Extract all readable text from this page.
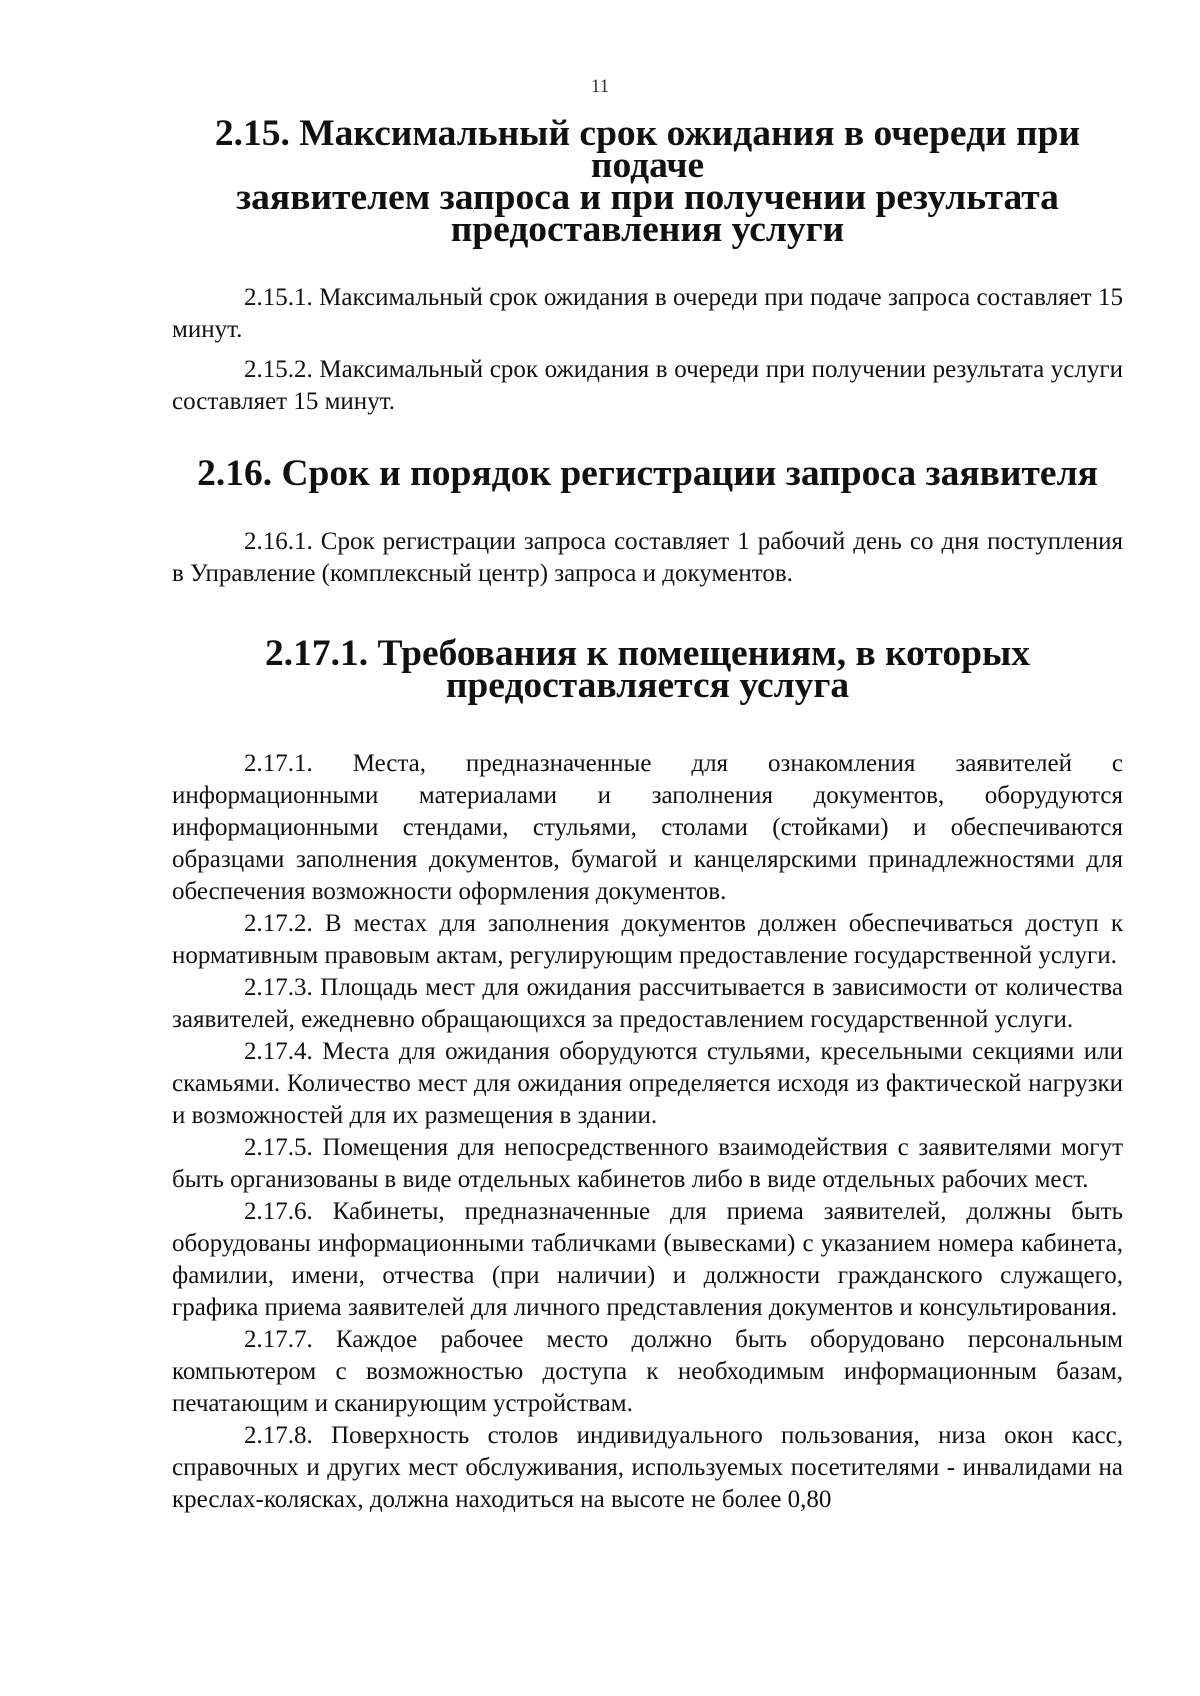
11
2.15. Максимальный срок ожидания в очереди при подаче
заявителем запроса и при получении результата предоставления услуги

2.15.1. Максимальный срок ожидания в очереди при подаче запроса составляет 15 минут.

2.15.2. Максимальный срок ожидания в очереди при получении результата услуги составляет 15 минут.

2.16. Срок и порядок регистрации запроса заявителя

2.16.1. Срок регистрации запроса составляет 1 рабочий день со дня поступления в Управление (комплексный центр) запроса и документов.

2.17.1. Требования к помещениям, в которых предоставляется услуга

2.17.1. Места, предназначенные для ознакомления заявителей с информационными материалами и заполнения документов, оборудуются информационными стендами, стульями, столами (стойками) и обеспечиваются образцами заполнения документов, бумагой и канцелярскими принадлежностями для обеспечения возможности оформления документов.

2.17.2. В местах для заполнения документов должен обеспечиваться доступ к нормативным правовым актам, регулирующим предоставление государственной услуги.

2.17.3. Площадь мест для ожидания рассчитывается в зависимости от количества заявителей, ежедневно обращающихся за предоставлением государственной услуги.

2.17.4. Места для ожидания оборудуются стульями, кресельными секциями или скамьями. Количество мест для ожидания определяется исходя из фактической нагрузки и возможностей для их размещения в здании.

2.17.5. Помещения для непосредственного взаимодействия с заявителями могут быть организованы в виде отдельных кабинетов либо в виде отдельных рабочих мест.

2.17.6. Кабинеты, предназначенные для приема заявителей, должны быть оборудованы информационными табличками (вывесками) с указанием номера кабинета, фамилии, имени, отчества (при наличии) и должности гражданского служащего, графика приема заявителей для личного представления документов и консультирования.

2.17.7. Каждое рабочее место должно быть оборудовано персональным компьютером с возможностью доступа к необходимым информационным базам, печатающим и сканирующим устройствам.

2.17.8. Поверхность столов индивидуального пользования, низа окон касс, справочных и других мест обслуживания, используемых посетителями - инвалидами на креслах-колясках, должна находиться на высоте не более 0,80
